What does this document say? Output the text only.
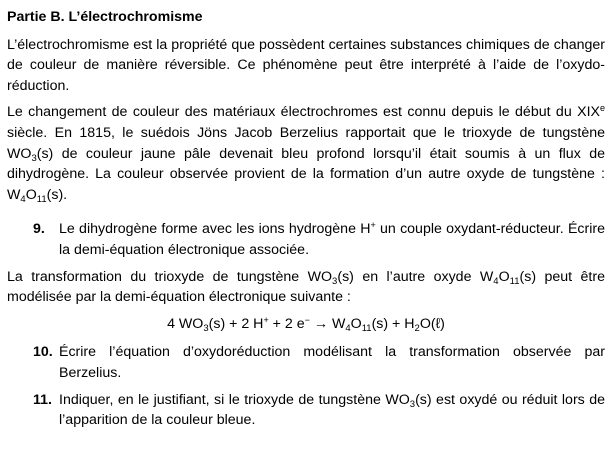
Partie B. L’électrochromisme

L’électrochromisme est la propriété que possèdent certaines substances chimiques de changer de couleur de manière réversible. Ce phénomène peut être interprété à l’aide de l’oxydo-réduction.

Le changement de couleur des matériaux électrochromes est connu depuis le début du XIXe siècle. En 1815, le suédois Jöns Jacob Berzelius rapportait que le trioxyde de tungstène $WO_3(s)$ de couleur jaune pâle devenait bleu profond lorsqu’il était soumis à un flux de dihydrogène. La couleur observée provient de la formation d’un autre oxyde de tungstène : $W_4O_{11}(s)$.

9. Le dihydrogène forme avec les ions hydrogène H+ un couple oxydant-réducteur. Écrire la demi-équation électronique associée.

La transformation du trioxyde de tungstène $WO_3(s)$ en l’autre oxyde $W_4O_{11}(s)$ peut être modélisée par la demi-équation électronique suivante :

4 $WO_3(s) + 2$ H+ + 2 $e^- \to W_4O_{11}(s)$ + $H_2O(\ell)$
10. Écrire l’équation d’oxydoréduction modélisant la transformation observée par Berzelius.
11. Indiquer, en le justifiant, si le trioxyde de tungstène $WO_3(s)$ est oxydé ou réduit lors de l’apparition de la couleur bleue.
